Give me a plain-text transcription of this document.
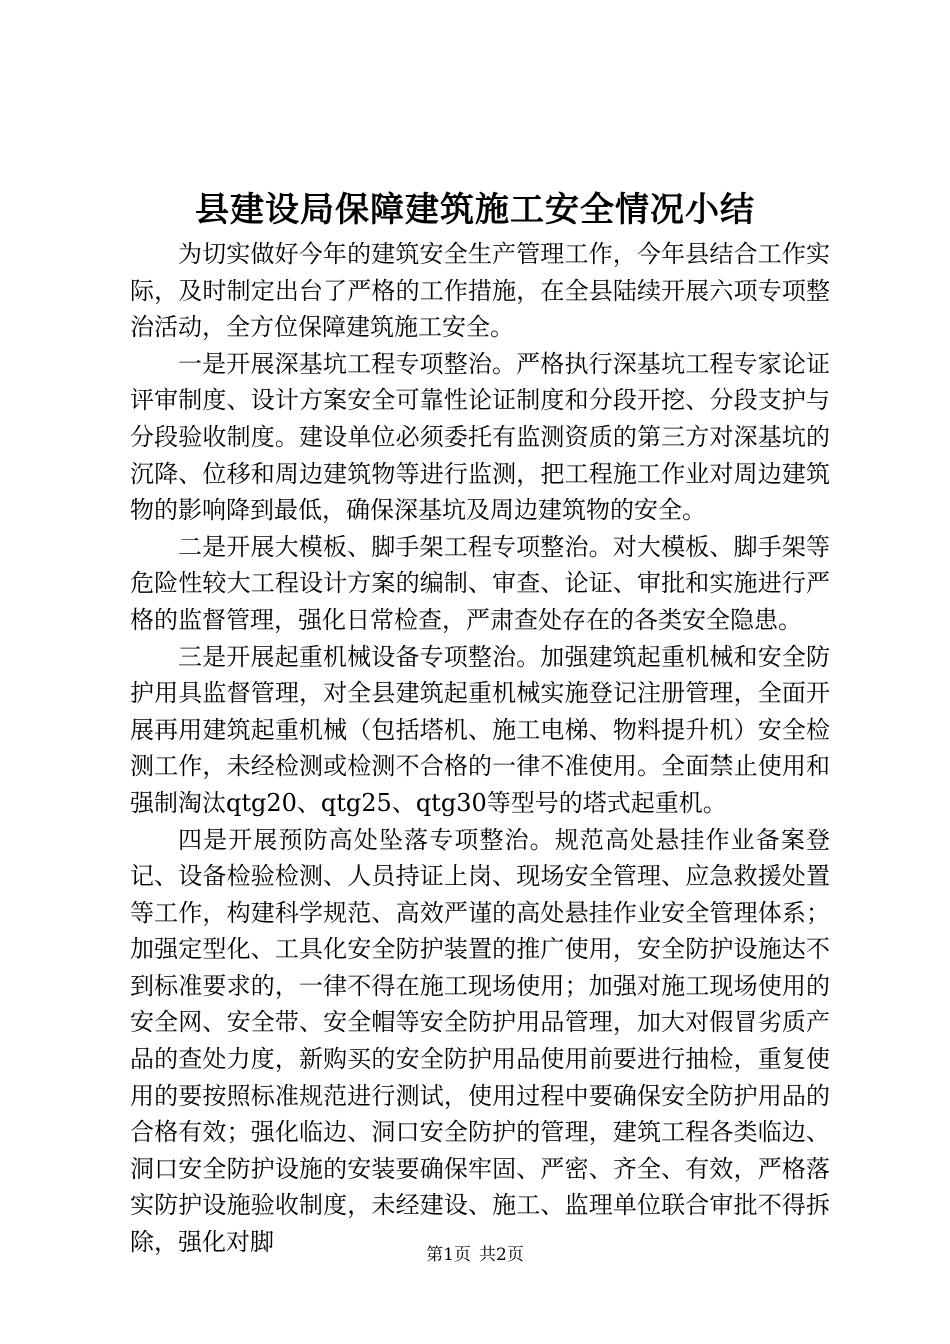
县建设局保障建筑施工安全情况小结

为切实做好今年的建筑安全生产管理工作，今年县结合工作实际，及时制定出台了严格的工作措施，在全县陆续开展六项专项整治活动，全方位保障建筑施工安全。

一是开展深基坑工程专项整治。严格执行深基坑工程专家论证评审制度、设计方案安全可靠性论证制度和分段开挖、分段支护与分段验收制度。建设单位必须委托有监测资质的第三方对深基坑的沉降、位移和周边建筑物等进行监测，把工程施工作业对周边建筑物的影响降到最低，确保深基坑及周边建筑物的安全。

二是开展大模板、脚手架工程专项整治。对大模板、脚手架等危险性较大工程设计方案的编制、审查、论证、审批和实施进行严格的监督管理，强化日常检查，严肃查处存在的各类安全隐患。

三是开展起重机械设备专项整治。加强建筑起重机械和安全防护用具监督管理，对全县建筑起重机械实施登记注册管理，全面开展再用建筑起重机械（包括塔机、施工电梯、物料提升机）安全检测工作，未经检测或检测不合格的一律不准使用。全面禁止使用和强制淘汰qtg20、qtg25、qtg30等型号的塔式起重机。

四是开展预防高处坠落专项整治。规范高处悬挂作业备案登记、设备检验检测、人员持证上岗、现场安全管理、应急救援处置等工作，构建科学规范、高效严谨的高处悬挂作业安全管理体系；加强定型化、工具化安全防护装置的推广使用，安全防护设施达不到标准要求的，一律不得在施工现场使用；加强对施工现场使用的安全网、安全带、安全帽等安全防护用品管理，加大对假冒劣质产品的查处力度，新购买的安全防护用品使用前要进行抽检，重复使用的要按照标准规范进行测试，使用过程中要确保安全防护用品的合格有效；强化临边、洞口安全防护的管理，建筑工程各类临边、洞口安全防护设施的安装要确保牢固、严密、齐全、有效，严格落实防护设施验收制度，未经建设、施工、监理单位联合审批不得拆除，强化对脚	第1页 共2页
